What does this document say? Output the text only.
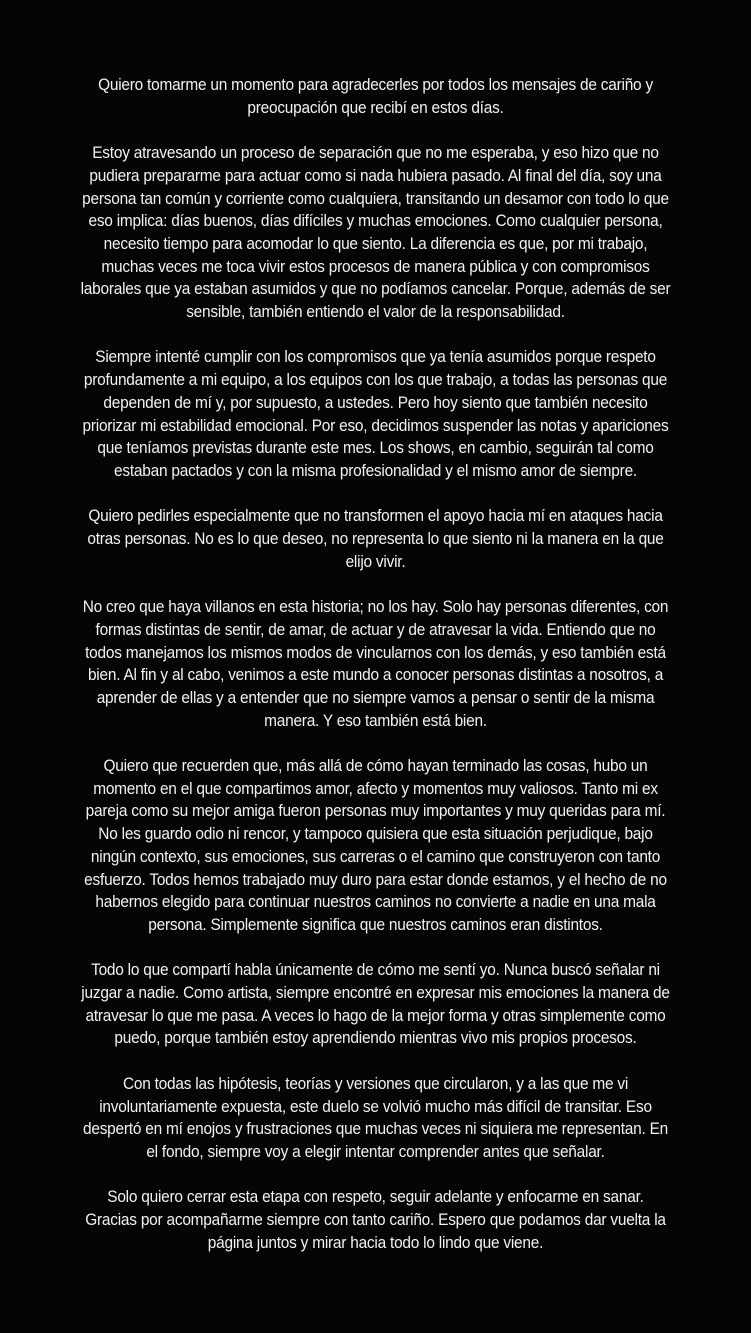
Quiero tomarme un momento para agradecerles por todos los mensajes de cariño y preocupación que recibí en estos días.

Estoy atravesando un proceso de separación que no me esperaba, y eso hizo que no pudiera prepararme para actuar como si nada hubiera pasado. Al final del día, soy una persona tan común y corriente como cualquiera, transitando un desamor con todo lo que eso implica: días buenos, días difíciles y muchas emociones. Como cualquier persona, necesito tiempo para acomodar lo que siento. La diferencia es que, por mi trabajo, muchas veces me toca vivir estos procesos de manera pública y con compromisos laborales que ya estaban asumidos y que no podíamos cancelar. Porque, además de ser sensible, también entiendo el valor de la responsabilidad.

Siempre intenté cumplir con los compromisos que ya tenía asumidos porque respeto profundamente a mi equipo, a los equipos con los que trabajo, a todas las personas que dependen de mí y, por supuesto, a ustedes. Pero hoy siento que también necesito priorizar mi estabilidad emocional. Por eso, decidimos suspender las notas y apariciones que teníamos previstas durante este mes. Los shows, en cambio, seguirán tal como estaban pactados y con la misma profesionalidad y el mismo amor de siempre.

Quiero pedirles especialmente que no transformen el apoyo hacia mí en ataques hacia otras personas. No es lo que deseo, no representa lo que siento ni la manera en la que elijo vivir.

No creo que haya villanos en esta historia; no los hay. Solo hay personas diferentes, con formas distintas de sentir, de amar, de actuar y de atravesar la vida. Entiendo que no todos manejamos los mismos modos de vincularnos con los demás, y eso también está bien. Al fin y al cabo, venimos a este mundo a conocer personas distintas a nosotros, a aprender de ellas y a entender que no siempre vamos a pensar o sentir de la misma manera. Y eso también está bien.

Quiero que recuerden que, más allá de cómo hayan terminado las cosas, hubo un momento en el que compartimos amor, afecto y momentos muy valiosos. Tanto mi ex pareja como su mejor amiga fueron personas muy importantes y muy queridas para mí. No les guardo odio ni rencor, y tampoco quisiera que esta situación perjudique, bajo ningún contexto, sus emociones, sus carreras o el camino que construyeron con tanto esfuerzo. Todos hemos trabajado muy duro para estar donde estamos, y el hecho de no habernos elegido para continuar nuestros caminos no convierte a nadie en una mala persona. Simplemente significa que nuestros caminos eran distintos.

Todo lo que compartí habla únicamente de cómo me sentí yo. Nunca buscó señalar ni juzgar a nadie. Como artista, siempre encontré en expresar mis emociones la manera de atravesar lo que me pasa. A veces lo hago de la mejor forma y otras simplemente como puedo, porque también estoy aprendiendo mientras vivo mis propios procesos.

Con todas las hipótesis, teorías y versiones que circularon, y a las que me vi involuntariamente expuesta, este duelo se volvió mucho más difícil de transitar. Eso despertó en mí enojos y frustraciones que muchas veces ni siquiera me representan. En el fondo, siempre voy a elegir intentar comprender antes que señalar.

Solo quiero cerrar esta etapa con respeto, seguir adelante y enfocarme en sanar. Gracias por acompañarme siempre con tanto cariño. Espero que podamos dar vuelta la página juntos y mirar hacia todo lo lindo que viene.
